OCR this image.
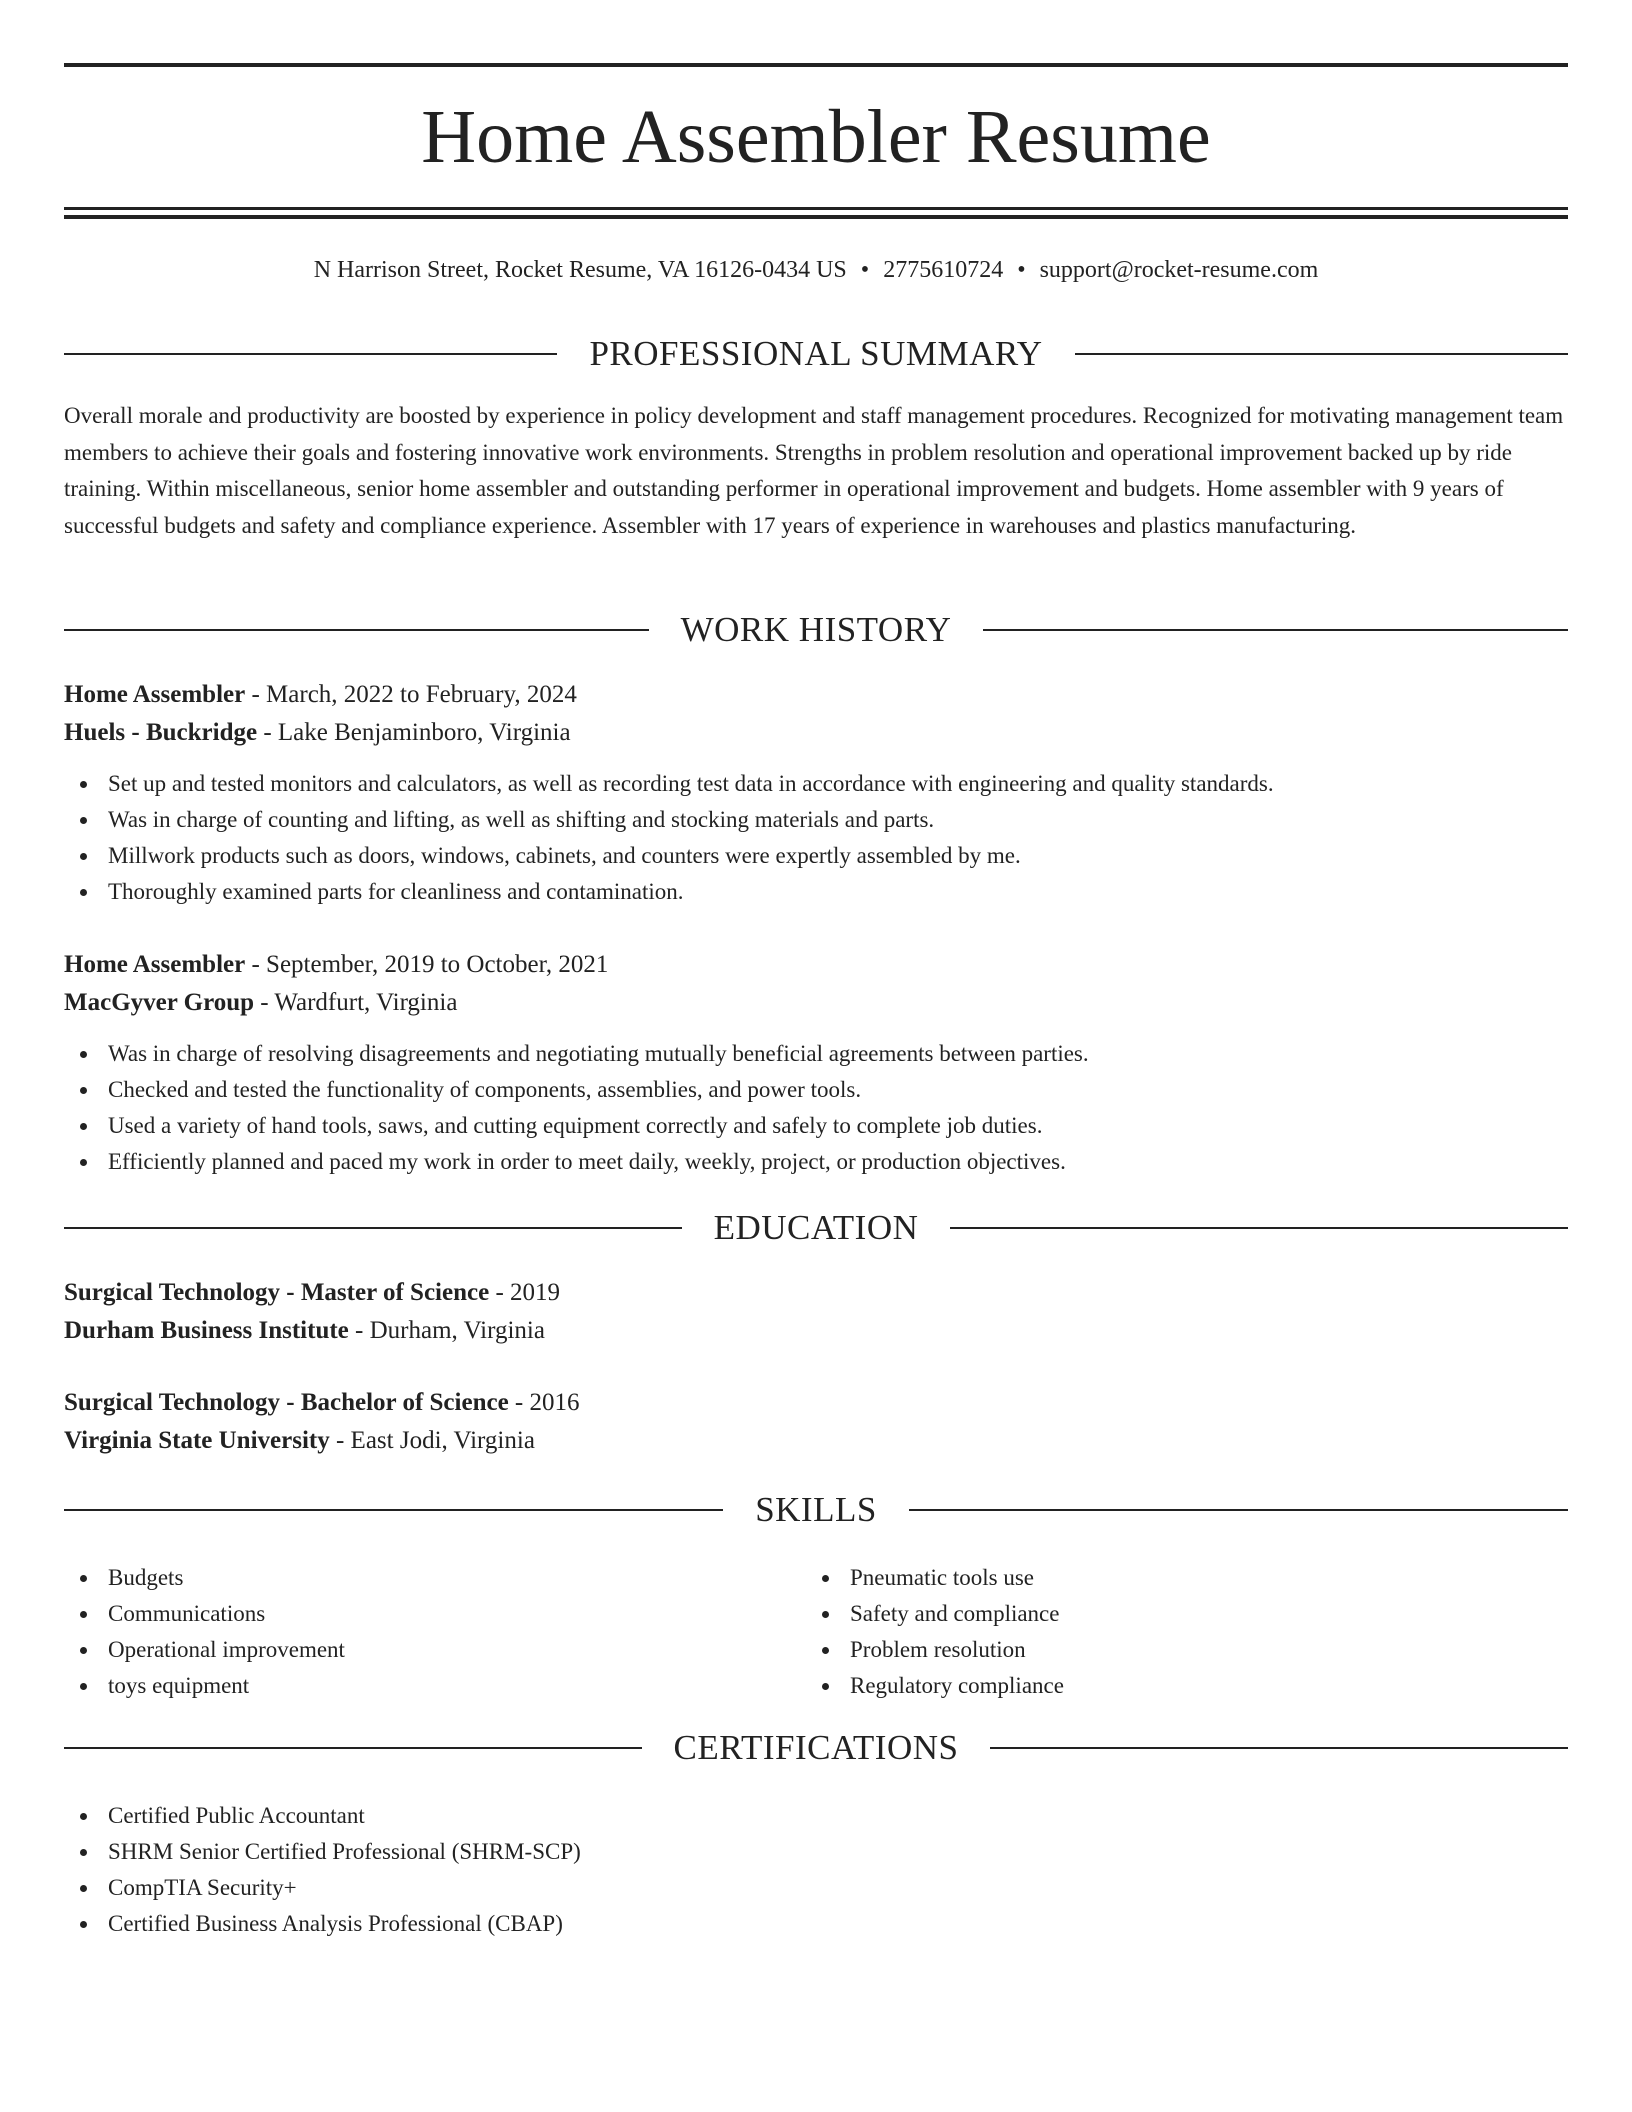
Home Assembler Resume
N Harrison Street, Rocket Resume, VA 16126-0434 US • 2775610724 • support@rocket-resume.com
PROFESSIONAL SUMMARY

Overall morale and productivity are boosted by experience in policy development and staff management procedures. Recognized for motivating management team members to achieve their goals and fostering innovative work environments. Strengths in problem resolution and operational improvement backed up by ride training. Within miscellaneous, senior home assembler and outstanding performer in operational improvement and budgets. Home assembler with 9 years of successful budgets and safety and compliance experience. Assembler with 17 years of experience in warehouses and plastics manufacturing.

WORK HISTORY
Home Assembler - March, 2022 to February, 2024
Huels - Buckridge - Lake Benjaminboro, Virginia
Set up and tested monitors and calculators, as well as recording test data in accordance with engineering and quality standards.
Was in charge of counting and lifting, as well as shifting and stocking materials and parts.
Millwork products such as doors, windows, cabinets, and counters were expertly assembled by me.
Thoroughly examined parts for cleanliness and contamination.
Home Assembler - September, 2019 to October, 2021
MacGyver Group - Wardfurt, Virginia
Was in charge of resolving disagreements and negotiating mutually beneficial agreements between parties.
Checked and tested the functionality of components, assemblies, and power tools.
Used a variety of hand tools, saws, and cutting equipment correctly and safely to complete job duties.
Efficiently planned and paced my work in order to meet daily, weekly, project, or production objectives.
EDUCATION
Surgical Technology - Master of Science - 2019
Durham Business Institute - Durham, Virginia
Surgical Technology - Bachelor of Science - 2016
Virginia State University - East Jodi, Virginia
SKILLS
Budgets
Communications
Operational improvement
toys equipment
Pneumatic tools use
Safety and compliance
Problem resolution
Regulatory compliance
CERTIFICATIONS
Certified Public Accountant
SHRM Senior Certified Professional (SHRM-SCP)
CompTIA Security+
Certified Business Analysis Professional (CBAP)
